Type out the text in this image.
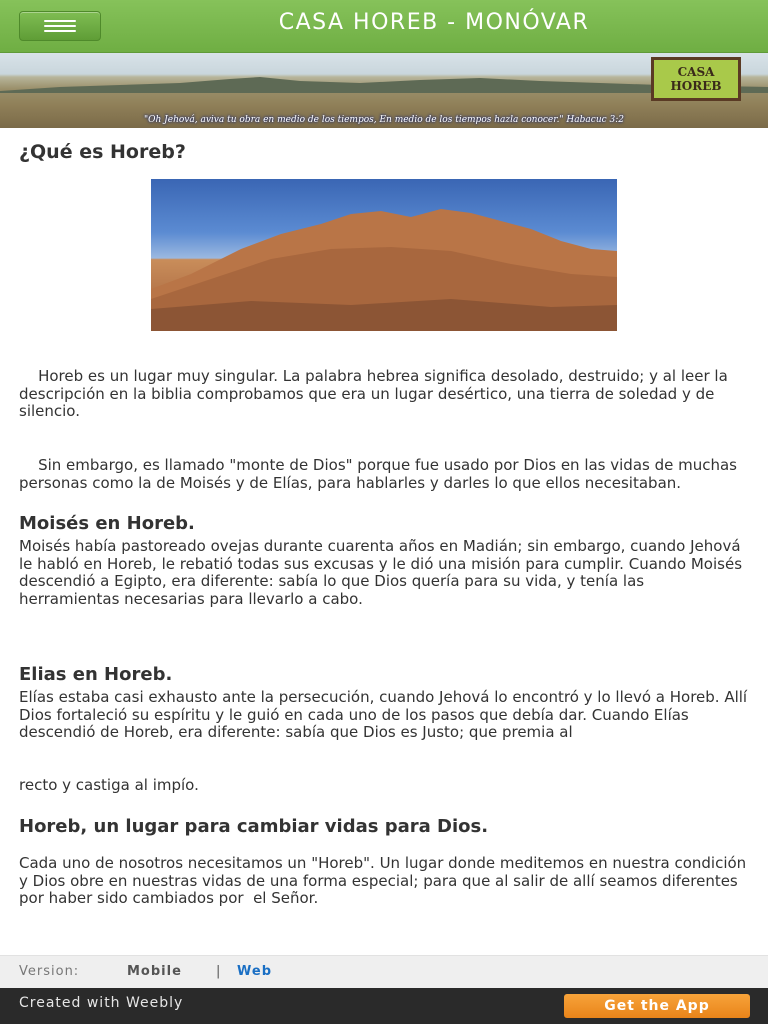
CASA HOREB - MONÓVAR
CASA
HOREB
"Oh Jehová, aviva tu obra en medio de los tiempos, En medio de los tiempos hazla conocer." Habacuc 3:2
¿Qué es Horeb?

Horeb es un lugar muy singular. La palabra hebrea significa desolado, destruido; y al leer la descripción en la biblia comprobamos que era un lugar desértico, una tierra de soledad y de silencio.

Sin embargo, es llamado "monte de Dios" porque fue usado por Dios en las vidas de muchas personas como la de Moisés y de Elías, para hablarles y darles lo que ellos necesitaban.

Moisés en Horeb.

Moisés había pastoreado ovejas durante cuarenta años en Madián; sin embargo, cuando Jehová le habló en Horeb, le rebatió todas sus excusas y le dió una misión para cumplir. Cuando Moisés descendió a Egipto, era diferente: sabía lo que Dios quería para su vida, y tenía las herramientas necesarias para llevarlo a cabo.

Elias en Horeb.

Elías estaba casi exhausto ante la persecución, cuando Jehová lo encontró y lo llevó a Horeb. Allí Dios fortaleció su espíritu y le guió en cada uno de los pasos que debía dar. Cuando Elías descendió de Horeb, era diferente: sabía que Dios es Justo; que premia al

recto y castiga al impío.

Horeb, un lugar para cambiar vidas para Dios.

Cada uno de nosotros necesitamos un "Horeb". Un lugar donde meditemos en nuestra condición y Dios obre en nuestras vidas de una forma especial; para que al salir de allí seamos diferentes por haber sido cambiados por  el Señor.

Version:	Mobile	| Web
Created with Weebly	Get the App
